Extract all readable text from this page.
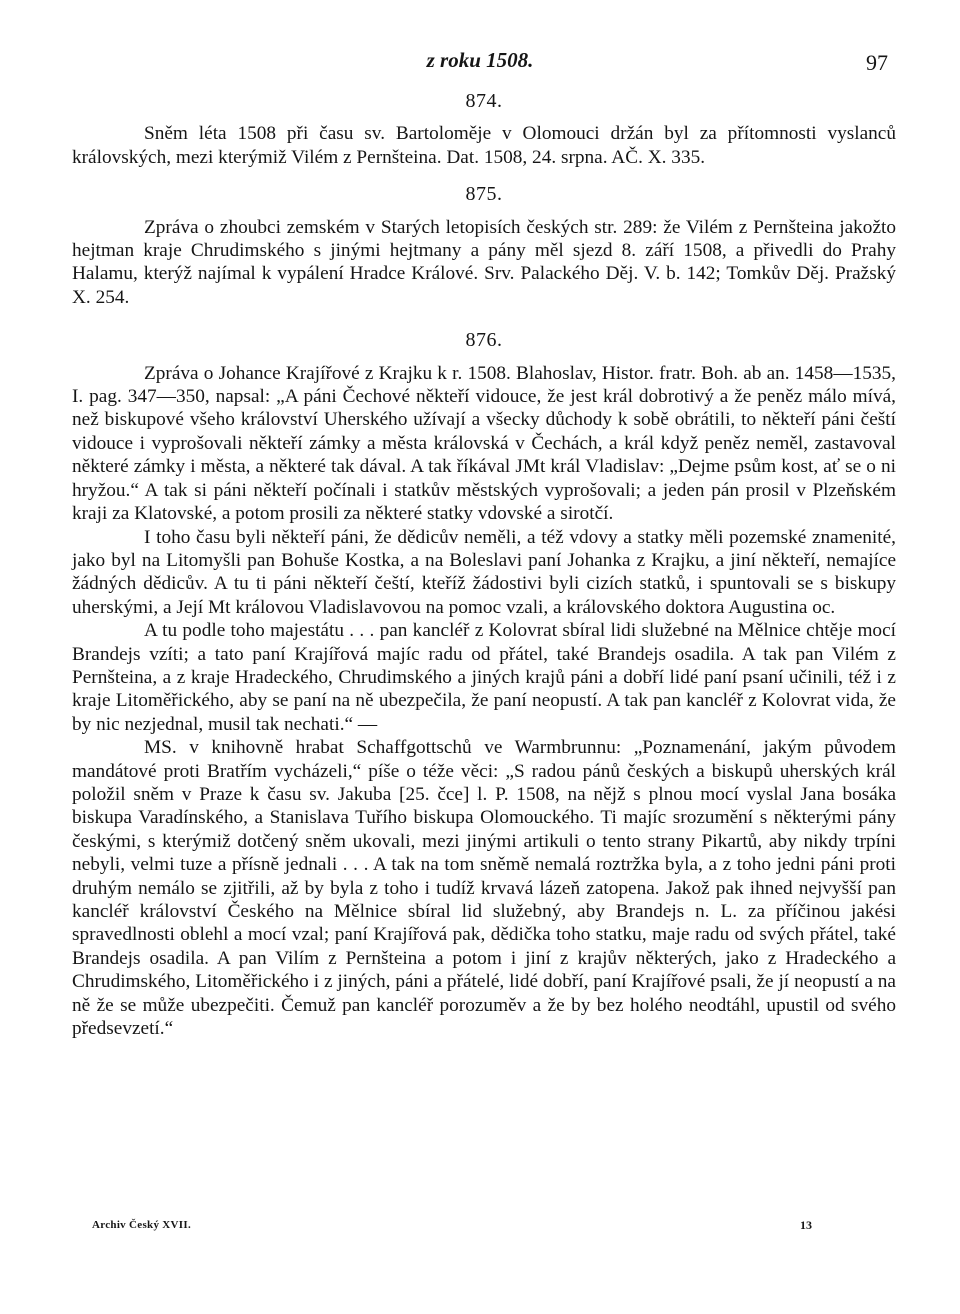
z roku 1508.	97
874.

Sněm léta 1508 při času sv. Bartoloměje v Olomouci držán byl za přítomnosti vyslanců královských, mezi kterýmiž Vilém z Pernšteina. Dat. 1508, 24. srpna. AČ. X. 335.

875.

Zpráva o zhoubci zemském v Starých letopisích českých str. 289: že Vilém z Pernšteina jakožto hejtman kraje Chrudimského s jinými hejtmany a pány měl sjezd 8. září 1508, a přivedli do Prahy Halamu, kterýž najímal k vypálení Hradce Králové. Srv. Palackého Děj. V. b. 142; Tomkův Děj. Pražský X. 254.

876.

Zpráva o Johance Krajířové z Krajku k r. 1508. Blahoslav, Histor. fratr. Boh. ab an. 1458—1535, I. pag. 347—350, napsal: „A páni Čechové někteří vidouce, že jest král dobrotivý a že peněz málo mívá, než biskupové všeho království Uherského užívají a všecky důchody k sobě obrátili, to někteří páni čeští vidouce i vyprošovali někteří zámky a města královská v Čechách, a král když peněz neměl, zastavoval některé zámky i města, a některé tak dával. A tak říkával JMt král Vladislav: „Dejme psům kost, ať se o ni hryžou.“ A tak si páni někteří počínali i statkův městských vyprošovali; a jeden pán prosil v Plzeňském kraji za Klatovské, a potom prosili za některé statky vdovské a sirotčí.

I toho času byli někteří páni, že dědicův neměli, a též vdovy a statky měli pozemské znamenité, jako byl na Litomyšli pan Bohuše Kostka, a na Boleslavi paní Johanka z Krajku, a jiní někteří, nemajíce žádných dědicův. A tu ti páni někteří čeští, kteříž žádostivi byli cizích statků, i spuntovali se s biskupy uherskými, a Její Mt královou Vladislavovou na pomoc vzali, a královského doktora Augustina oc.

A tu podle toho majestátu . . . pan kancléř z Kolovrat sbíral lidi služebné na Mělnice chtěje mocí Brandejs vzíti; a tato paní Krajířová majíc radu od přátel, také Brandejs osadila. A tak pan Vilém z Pernšteina, a z kraje Hradeckého, Chrudimského a jiných krajů páni a dobří lidé paní psaní učinili, též i z kraje Litoměřického, aby se paní na ně ubezpečila, že paní neopustí. A tak pan kancléř z Kolovrat vida, že by nic nezjednal, musil tak nechati.“ —

MS. v knihovně hrabat Schaffgottschů ve Warmbrunnu: „Poznamenání, jakým původem mandátové proti Bratřím vycházeli,“ píše o téže věci: „S radou pánů českých a biskupů uherských král položil sněm v Praze k času sv. Jakuba [25. čce] l. P. 1508, na nějž s plnou mocí vyslal Jana bosáka biskupa Varadínského, a Stanislava Tuřího biskupa Olomouckého. Ti majíc srozumění s některými pány českými, s kterýmiž dotčený sněm ukovali, mezi jinými artikuli o tento strany Pikartů, aby nikdy trpíni nebyli, velmi tuze a přísně jednali . . . A tak na tom sněmě nemalá roztržka byla, a z toho jedni páni proti druhým nemálo se zjitřili, až by byla z toho i tudíž krvavá lázeň zatopena. Jakož pak ihned nejvyšší pan kancléř království Českého na Mělnice sbíral lid služebný, aby Brandejs n. L. za příčinou jakési spravedlnosti oblehl a mocí vzal; paní Krajířová pak, dědička toho statku, maje radu od svých přátel, také Brandejs osadila. A pan Vilím z Pernšteina a potom i jiní z krajův některých, jako z Hradeckého a Chrudimského, Litoměřického i z jiných, páni a přátelé, lidé dobří, paní Krajířové psali, že jí neopustí a na ně že se může ubezpečiti. Čemuž pan kancléř porozuměv a že by bez holého neodtáhl, upustil od svého předsevzetí.“

Archiv Český XVII.	13
